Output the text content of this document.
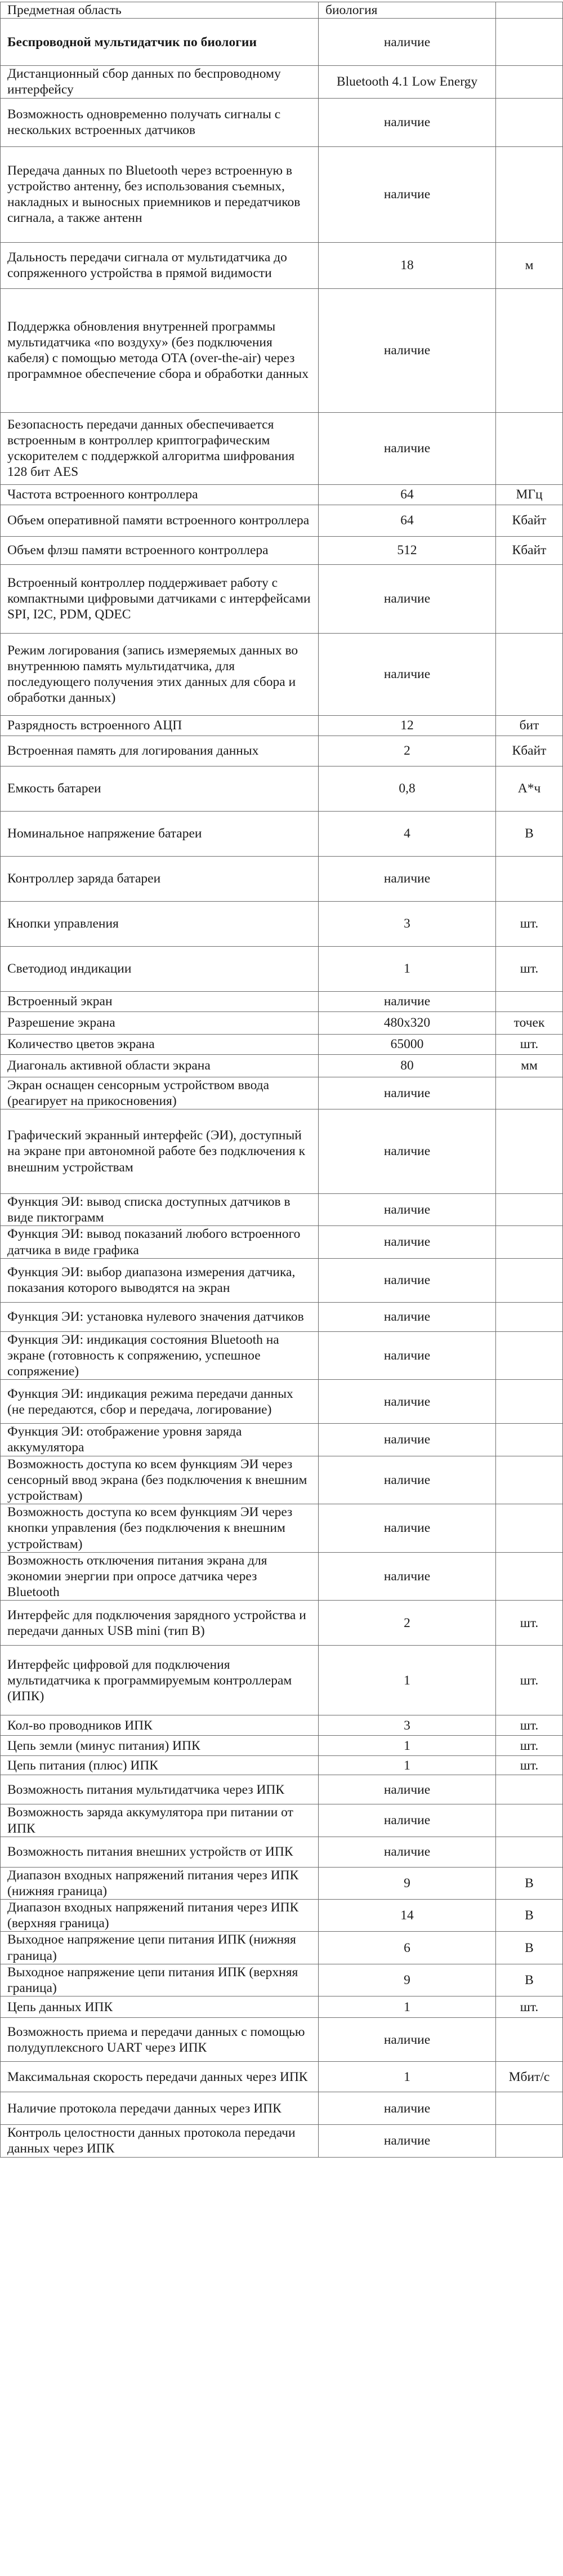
Предметная область	биология	
Беспроводной мультидатчик по биологии	наличие	
Дистанционный сбор данных по беспроводному интерфейсу	Bluetooth 4.1 Low Energy	
Возможность одновременно получать сигналы с нескольких встроенных датчиков	наличие	
Передача данных по Bluetooth через встроенную в устройство антенну, без использования съемных, накладных и выносных приемников и передатчиков сигнала, а также антенн	наличие	
Дальность передачи сигнала от мультидатчика до сопряженного устройства в прямой видимости	18	м
Поддержка обновления внутренней программы мультидатчика «по воздуху» (без подключения кабеля) с помощью метода OTA (over-the-air) через программное обеспечение сбора и обработки данных	наличие	
Безопасность передачи данных обеспечивается встроенным в контроллер криптографическим ускорителем с поддержкой алгоритма шифрования 128 бит AES	наличие	
Частота встроенного контроллера	64	МГц
Объем оперативной памяти встроенного контроллера	64	Кбайт
Объем флэш памяти встроенного контроллера	512	Кбайт
Встроенный контроллер поддерживает работу с компактными цифровыми датчиками с интерфейсами SPI, I2C, PDM, QDEC	наличие	
Режим логирования (запись измеряемых данных во внутреннюю память мультидатчика, для последующего получения этих данных для сбора и обработки данных)	наличие	
Разрядность встроенного АЦП	12	бит
Встроенная память для логирования данных	2	Кбайт
Емкость батареи	0,8	А*ч
Номинальное напряжение батареи	4	В
Контроллер заряда батареи	наличие	
Кнопки управления	3	шт.
Светодиод индикации	1	шт.
Встроенный экран	наличие	
Разрешение экрана	480x320	точек
Количество цветов экрана	65000	шт.
Диагональ активной области экрана	80	мм
Экран оснащен сенсорным устройством ввода (реагирует на прикосновения)	наличие	
Графический экранный интерфейс (ЭИ), доступный на экране при автономной работе без подключения к внешним устройствам	наличие	
Функция ЭИ: вывод списка доступных датчиков в виде пиктограмм	наличие	
Функция ЭИ: вывод показаний любого встроенного датчика в виде графика	наличие	
Функция ЭИ: выбор диапазона измерения датчика, показания которого выводятся на экран	наличие	
Функция ЭИ: установка нулевого значения датчиков	наличие	
Функция ЭИ: индикация состояния Bluetooth на экране (готовность к сопряжению, успешное сопряжение)	наличие	
Функция ЭИ: индикация режима передачи данных (не передаются, сбор и передача, логирование)	наличие	
Функция ЭИ: отображение уровня заряда аккумулятора	наличие	
Возможность доступа ко всем функциям ЭИ через сенсорный ввод экрана (без подключения к внешним устройствам)	наличие	
Возможность доступа ко всем функциям ЭИ через кнопки управления (без подключения к внешним устройствам)	наличие	
Возможность отключения питания экрана для экономии энергии при опросе датчика через Bluetooth	наличие	
Интерфейс для подключения зарядного устройства и передачи данных USB mini (тип B)	2	шт.
Интерфейс цифровой для подключения мультидатчика к программируемым контроллерам (ИПК)	1	шт.
Кол-во проводников ИПК	3	шт.
Цепь земли (минус питания) ИПК	1	шт.
Цепь питания (плюс) ИПК	1	шт.
Возможность питания мультидатчика через ИПК	наличие	
Возможность заряда аккумулятора при питании от ИПК	наличие	
Возможность питания внешних устройств от ИПК	наличие	
Диапазон входных напряжений питания через ИПК (нижняя граница)	9	В
Диапазон входных напряжений питания через ИПК (верхняя граница)	14	В
Выходное напряжение цепи питания ИПК (нижняя граница)	6	В
Выходное напряжение цепи питания ИПК (верхняя граница)	9	В
Цепь данных ИПК	1	шт.
Возможность приема и передачи данных с помощью полудуплексного UART через ИПК	наличие	
Максимальная скорость передачи данных через ИПК	1	Мбит/с
Наличие протокола передачи данных через ИПК	наличие	
Контроль целостности данных протокола передачи данных через ИПК	наличие	
